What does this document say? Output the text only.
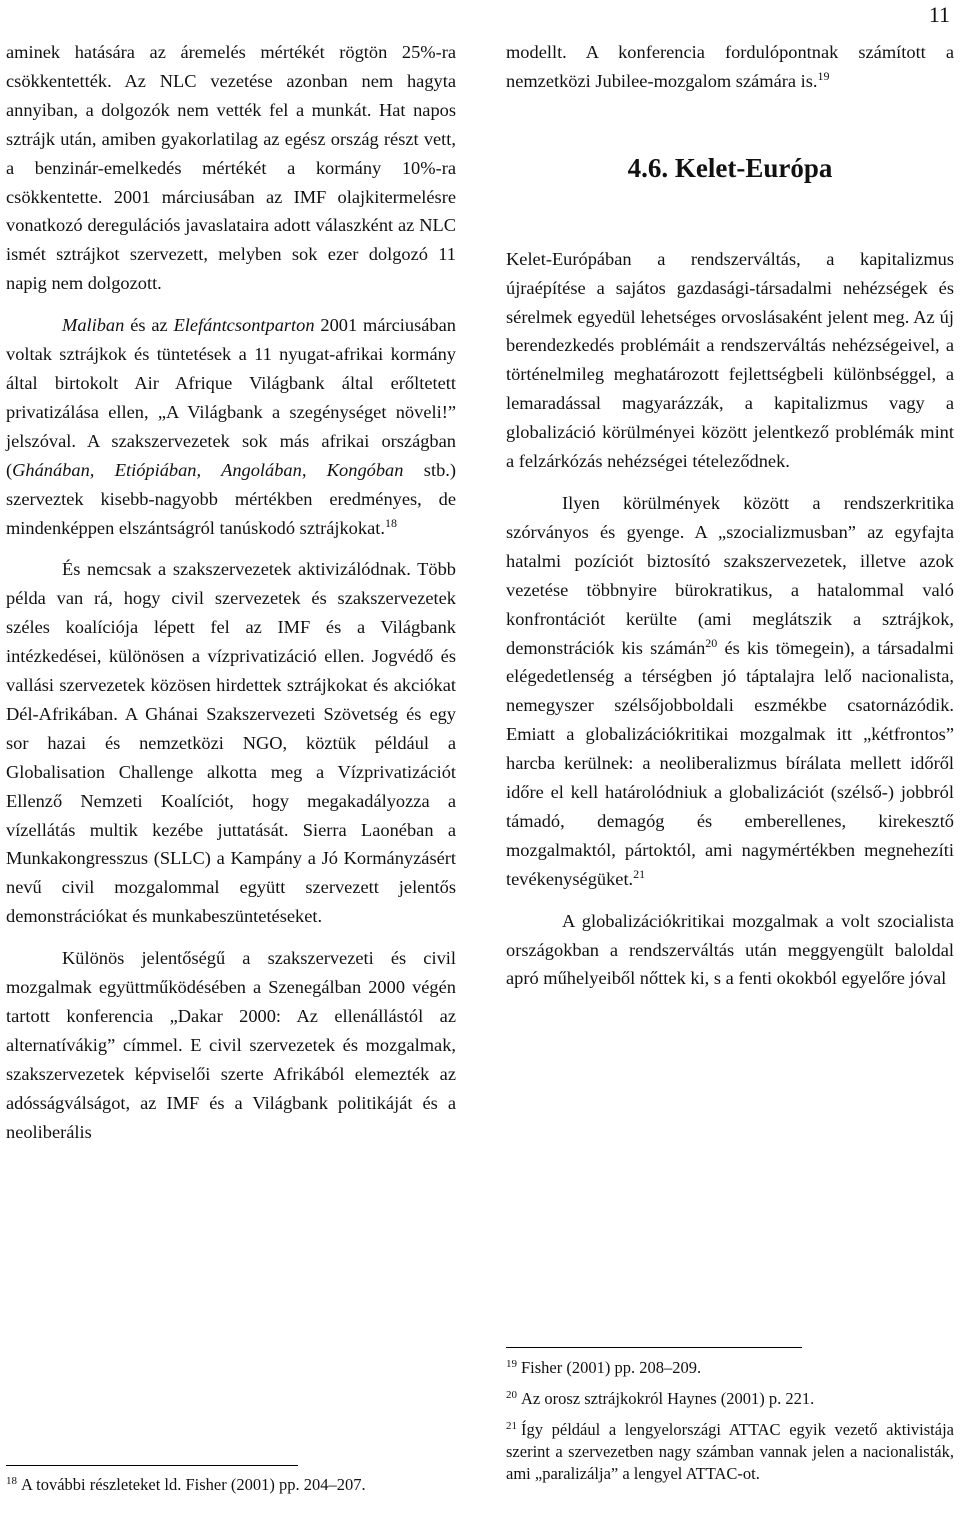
11

aminek hatására az áremelés mértékét rögtön 25%-ra csökkentették. Az NLC vezetése azonban nem hagyta annyiban, a dolgozók nem vették fel a munkát. Hat napos sztrájk után, amiben gyakorlatilag az egész ország részt vett, a benzinár-emelkedés mértékét a kormány 10%-ra csökkentette. 2001 márciusában az IMF olajkitermelésre vonatkozó deregulációs javaslataira adott válaszként az NLC ismét sztrájkot szervezett, melyben sok ezer dolgozó 11 napig nem dolgozott.

Maliban és az Elefántcsontparton 2001 márciusában voltak sztrájkok és tüntetések a 11 nyugat-afrikai kormány által birtokolt Air Afrique Világbank által erőltetett privatizálása ellen, „A Világbank a szegénységet növeli!” jelszóval. A szakszervezetek sok más afrikai országban (Ghánában, Etiópiában, Angolában, Kongóban stb.) szerveztek kisebb-nagyobb mértékben eredményes, de mindenképpen elszántságról tanúskodó sztrájkokat.$^{18}$

És nemcsak a szakszervezetek aktivizálódnak. Több példa van rá, hogy civil szervezetek és szakszervezetek széles koalíciója lépett fel az IMF és a Világbank intézkedései, különösen a vízprivatizáció ellen. Jogvédő és vallási szervezetek közösen hirdettek sztrájkokat és akciókat Dél-Afrikában. A Ghánai Szakszervezeti Szövetség és egy sor hazai és nemzetközi NGO, köztük például a Globalisation Challenge alkotta meg a Vízprivatizációt Ellenző Nemzeti Koalíciót, hogy megakadályozza a vízellátás multik kezébe juttatását. Sierra Laonéban a Munkakongresszus (SLLC) a Kampány a Jó Kormányzásért nevű civil mozgalommal együtt szervezett jelentős demonstrációkat és munkabeszüntetéseket.

Különös jelentőségű a szakszervezeti és civil mozgalmak együttműködésében a Szenegálban 2000 végén tartott konferencia „Dakar 2000: Az ellenállástól az alternatívákig” címmel. E civil szervezetek és mozgalmak, szakszervezetek képviselői szerte Afrikából elemezték az adósságválságot, az IMF és a Világbank politikáját és a neoliberális

modellt. A konferencia fordulópontnak számított a nemzetközi Jubilee-mozgalom számára is.$^{19}$

4.6. Kelet-Európa

Kelet-Európában a rendszerváltás, a kapitalizmus újraépítése a sajátos gazdasági-társadalmi nehézségek és sérelmek egyedül lehetséges orvoslásaként jelent meg. Az új berendezkedés problémáit a rendszerváltás nehézségeivel, a történelmileg meghatározott fejlettségbeli különbséggel, a lemaradással magyarázzák, a kapitalizmus vagy a globalizáció körülményei között jelentkező problémák mint a felzárkózás nehézségei tételeződnek.

Ilyen körülmények között a rendszerkritika szórványos és gyenge. A „szocializmusban” az egyfajta hatalmi pozíciót biztosító szakszervezetek, illetve azok vezetése többnyire bürokratikus, a hatalommal való konfrontációt kerülte (ami meglátszik a sztrájkok, demonstrációk kis számán$^{20}$ és kis tömegein), a társadalmi elégedetlenség a térségben jó táptalajra lelő nacionalista, nemegyszer szélsőjobboldali eszmékbe csatornázódik. Emiatt a globalizációkritikai mozgalmak itt „kétfrontos” harcba kerülnek: a neoliberalizmus bírálata mellett időről időre el kell határolódniuk a globalizációt (szélső-) jobbról támadó, demagóg és emberellenes, kirekesztő mozgalmaktól, pártoktól, ami nagymértékben megnehezíti tevékenységüket.$^{21}$

A globalizációkritikai mozgalmak a volt szocialista országokban a rendszerváltás után meggyengült baloldal apró műhelyeiből nőttek ki, s a fenti okokból egyelőre jóval

$^{18}$ A további részleteket ld. Fisher (2001) pp. 204–207.
$^{19}$ Fisher (2001) pp. 208–209.
$^{20}$ Az orosz sztrájkokról Haynes (2001) p. 221.
$^{21}$ Így például a lengyelországi ATTAC egyik vezető aktivistája szerint a szervezetben nagy számban vannak jelen a nacionalisták, ami „paralizálja” a lengyel ATTAC-ot.
